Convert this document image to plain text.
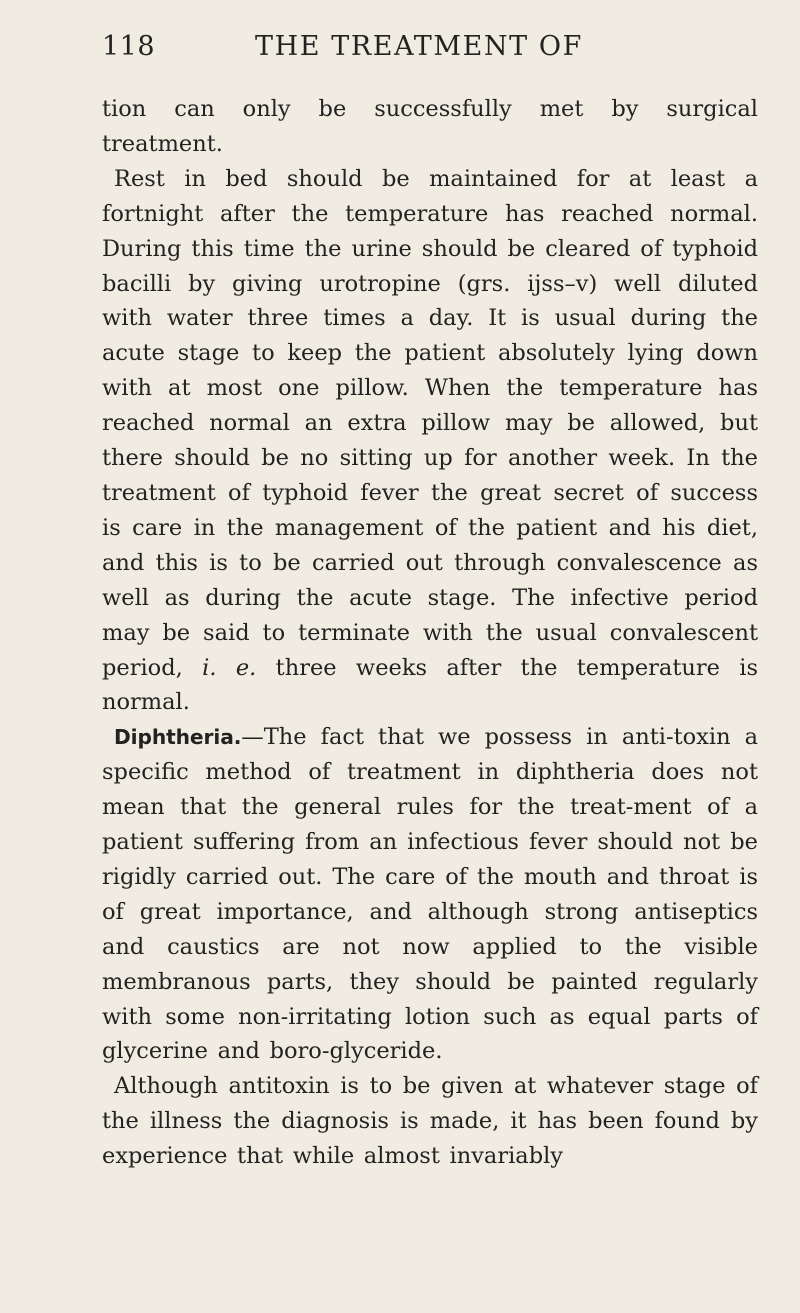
118	THE TREATMENT OF

tion can only be successfully met by surgical treatment.

Rest in bed should be maintained for at least a fortnight after the temperature has reached normal. During this time the urine should be cleared of typhoid bacilli by giving urotropine (grs. ijss–v) well diluted with water three times a day. It is usual during the acute stage to keep the patient absolutely lying down with at most one pillow. When the temperature has reached normal an extra pillow may be allowed, but there should be no sitting up for another week. In the treatment of typhoid fever the great secret of success is care in the management of the patient and his diet, and this is to be carried out through convalescence as well as during the acute stage. The infective period may be said to terminate with the usual convalescent period, i. e. three weeks after the temperature is normal.

Diphtheria.—The fact that we possess in anti-toxin a specific method of treatment in diphtheria does not mean that the general rules for the treat-ment of a patient suffering from an infectious fever should not be rigidly carried out. The care of the mouth and throat is of great importance, and although strong antiseptics and caustics are not now applied to the visible membranous parts, they should be painted regularly with some non-irritating lotion such as equal parts of glycerine and boro-glyceride.

Although antitoxin is to be given at whatever stage of the illness the diagnosis is made, it has been found by experience that while almost invariably
